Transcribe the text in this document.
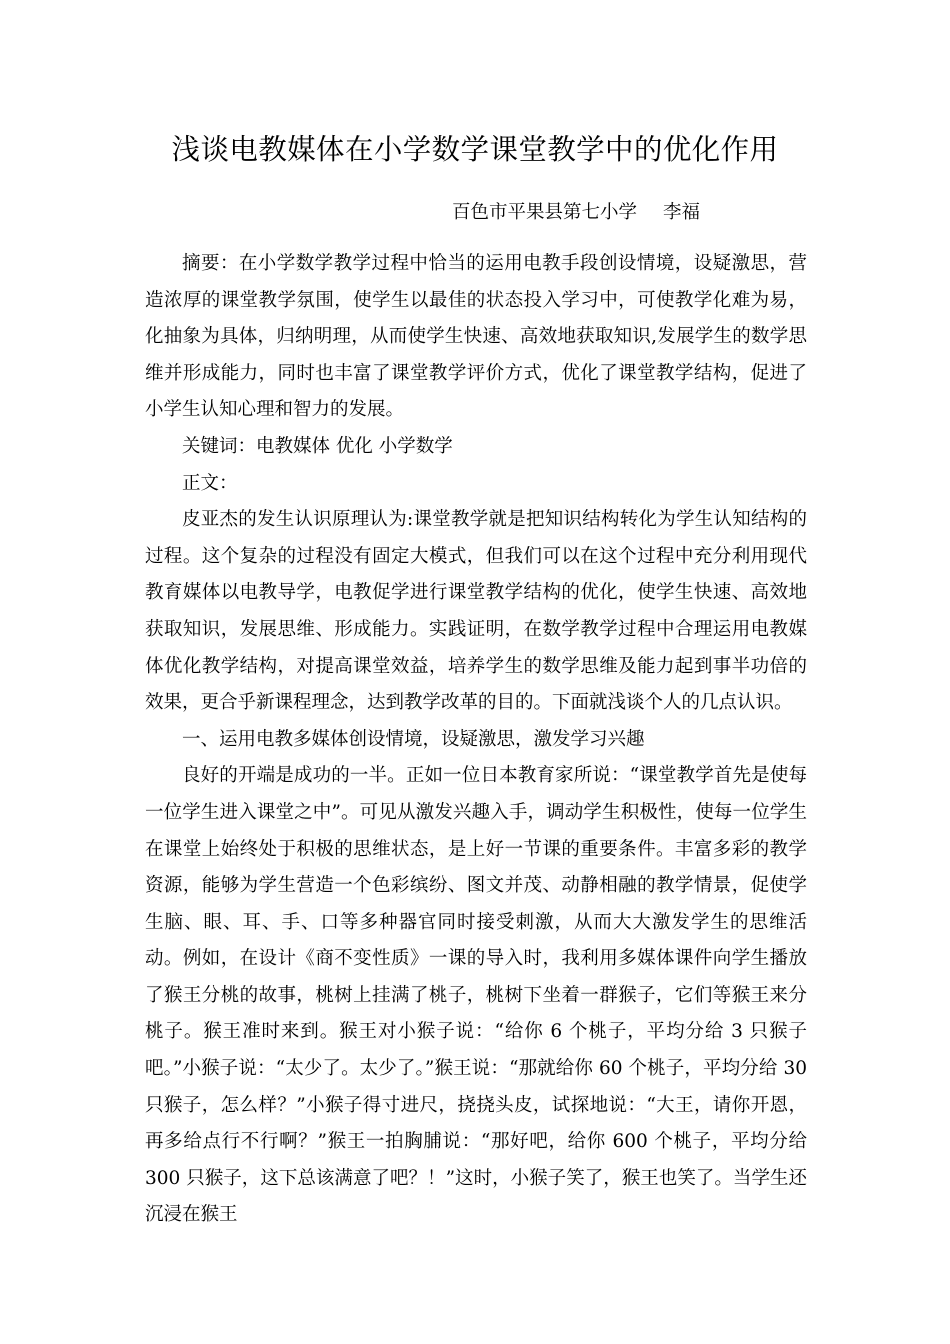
浅谈电教媒体在小学数学课堂教学中的优化作用
百色市平果县第七小学 李福

摘要：在小学数学教学过程中恰当的运用电教手段创设情境，设疑激思，营造浓厚的课堂教学氛围，使学生以最佳的状态投入学习中，可使教学化难为易，化抽象为具体，归纳明理，从而使学生快速、高效地获取知识,发展学生的数学思维并形成能力，同时也丰富了课堂教学评价方式，优化了课堂教学结构，促进了小学生认知心理和智力的发展。

关键词：电教媒体 优化 小学数学

正文：

皮亚杰的发生认识原理认为:课堂教学就是把知识结构转化为学生认知结构的过程。这个复杂的过程没有固定大模式，但我们可以在这个过程中充分利用现代教育媒体以电教导学，电教促学进行课堂教学结构的优化，使学生快速、高效地获取知识，发展思维、形成能力。实践证明，在数学教学过程中合理运用电教媒体优化教学结构，对提高课堂效益，培养学生的数学思维及能力起到事半功倍的效果，更合乎新课程理念，达到教学改革的目的。下面就浅谈个人的几点认识。

一、运用电教多媒体创设情境，设疑激思，激发学习兴趣

良好的开端是成功的一半。正如一位日本教育家所说：“课堂教学首先是使每一位学生进入课堂之中”。可见从激发兴趣入手，调动学生积极性，使每一位学生在课堂上始终处于积极的思维状态，是上好一节课的重要条件。丰富多彩的教学资源，能够为学生营造一个色彩缤纷、图文并茂、动静相融的教学情景，促使学生脑、眼、耳、手、口等多种器官同时接受刺激，从而大大激发学生的思维活动。例如，在设计《商不变性质》一课的导入时，我利用多媒体课件向学生播放了猴王分桃的故事，桃树上挂满了桃子，桃树下坐着一群猴子，它们等猴王来分桃子。猴王准时来到。猴王对小猴子说：“给你 6 个桃子，平均分给 3 只猴子吧。”小猴子说：“太少了。太少了。”猴王说：“那就给你 60 个桃子，平均分给 30 只猴子，怎么样？”小猴子得寸进尺，挠挠头皮，试探地说：“大王，请你开恩，再多给点行不行啊？”猴王一拍胸脯说：“那好吧，给你 600 个桃子，平均分给 300 只猴子，这下总该满意了吧？！”这时，小猴子笑了，猴王也笑了。当学生还沉浸在猴王
